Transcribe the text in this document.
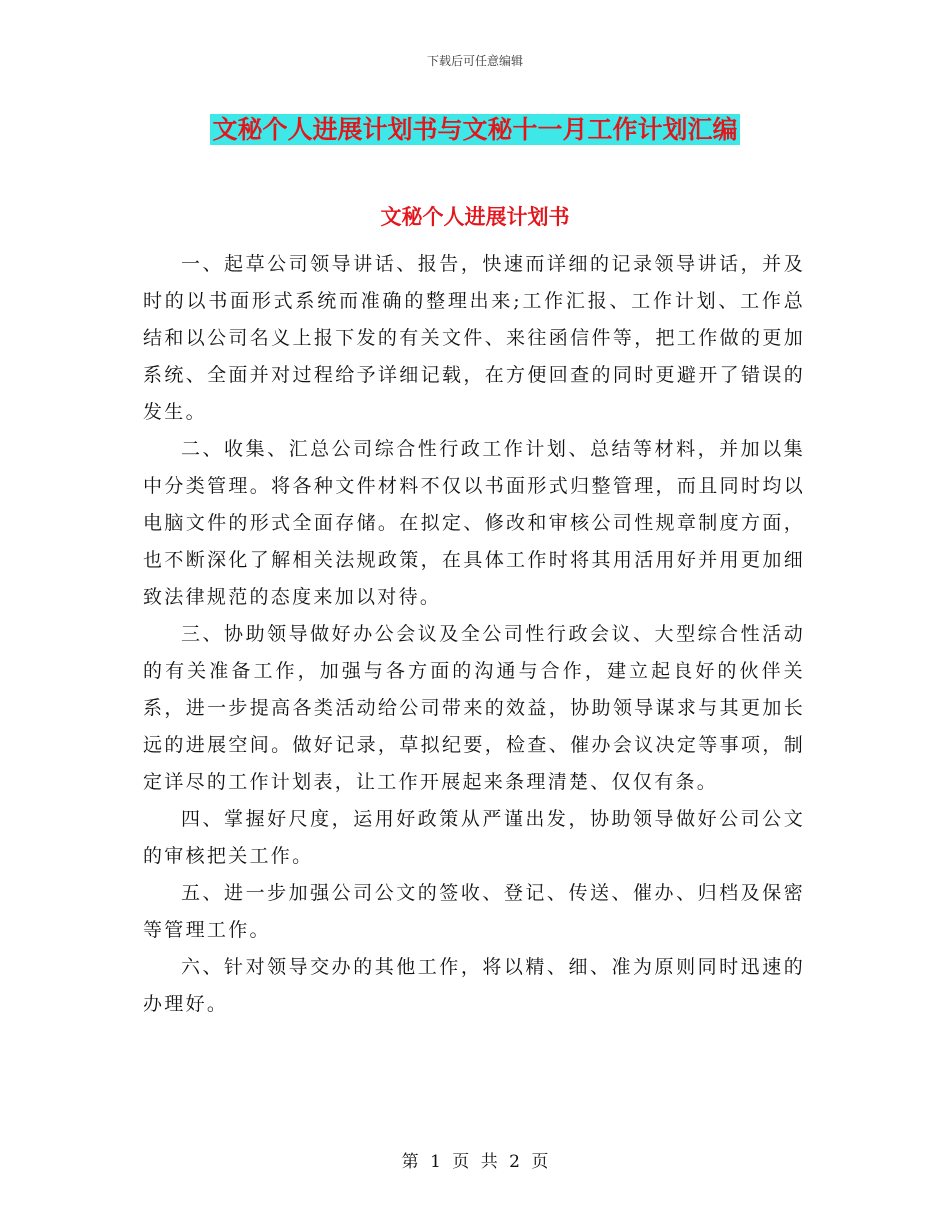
下载后可任意编辑
文秘个人进展计划书与文秘十一月工作计划汇编
文秘个人进展计划书

一、起草公司领导讲话、报告，快速而详细的记录领导讲话，并及时的以书面形式系统而准确的整理出来;工作汇报、工作计划、工作总结和以公司名义上报下发的有关文件、来往函信件等，把工作做的更加系统、全面并对过程给予详细记载，在方便回查的同时更避开了错误的发生。

二、收集、汇总公司综合性行政工作计划、总结等材料，并加以集中分类管理。将各种文件材料不仅以书面形式归整管理，而且同时均以电脑文件的形式全面存储。在拟定、修改和审核公司性规章制度方面，也不断深化了解相关法规政策，在具体工作时将其用活用好并用更加细致法律规范的态度来加以对待。

三、协助领导做好办公会议及全公司性行政会议、大型综合性活动的有关准备工作，加强与各方面的沟通与合作，建立起良好的伙伴关系，进一步提高各类活动给公司带来的效益，协助领导谋求与其更加长远的进展空间。做好记录，草拟纪要，检查、催办会议决定等事项，制定详尽的工作计划表，让工作开展起来条理清楚、仅仅有条。

四、掌握好尺度，运用好政策从严谨出发，协助领导做好公司公文的审核把关工作。

五、进一步加强公司公文的签收、登记、传送、催办、归档及保密等管理工作。

六、针对领导交办的其他工作，将以精、细、准为原则同时迅速的办理好。

第 1 页 共 2 页
